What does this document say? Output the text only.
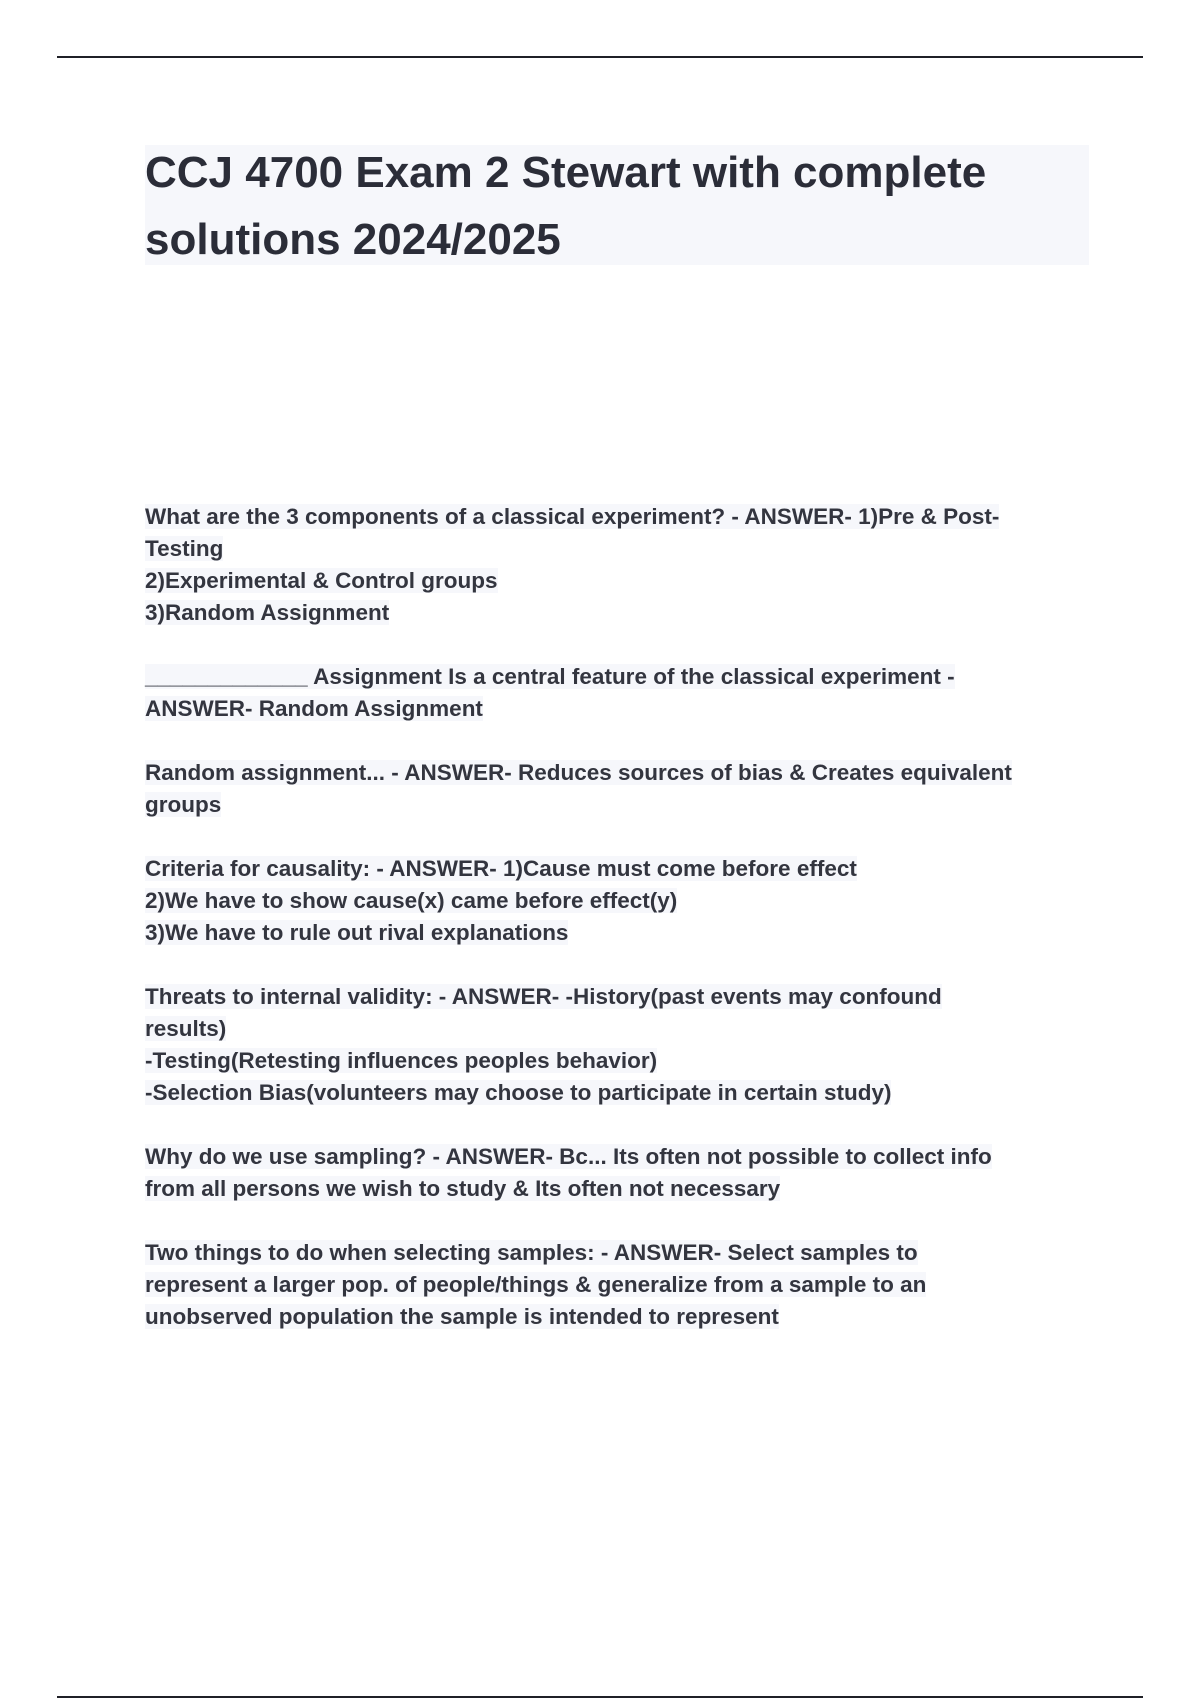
CCJ 4700 Exam 2 Stewart with complete solutions 2024/2025
What are the 3 components of a classical experiment? - ANSWER- 1)Pre & Post-
Testing
2)Experimental & Control groups
3)Random Assignment
_____________ Assignment Is a central feature of the classical experiment -
ANSWER- Random Assignment
Random assignment... - ANSWER- Reduces sources of bias & Creates equivalent
groups
Criteria for causality: - ANSWER- 1)Cause must come before effect
2)We have to show cause(x) came before effect(y)
3)We have to rule out rival explanations
Threats to internal validity: - ANSWER- -History(past events may confound
results)
-Testing(Retesting influences peoples behavior)
-Selection Bias(volunteers may choose to participate in certain study)
Why do we use sampling? - ANSWER- Bc... Its often not possible to collect info
from all persons we wish to study & Its often not necessary
Two things to do when selecting samples: - ANSWER- Select samples to
represent a larger pop. of people/things & generalize from a sample to an
unobserved population the sample is intended to represent
